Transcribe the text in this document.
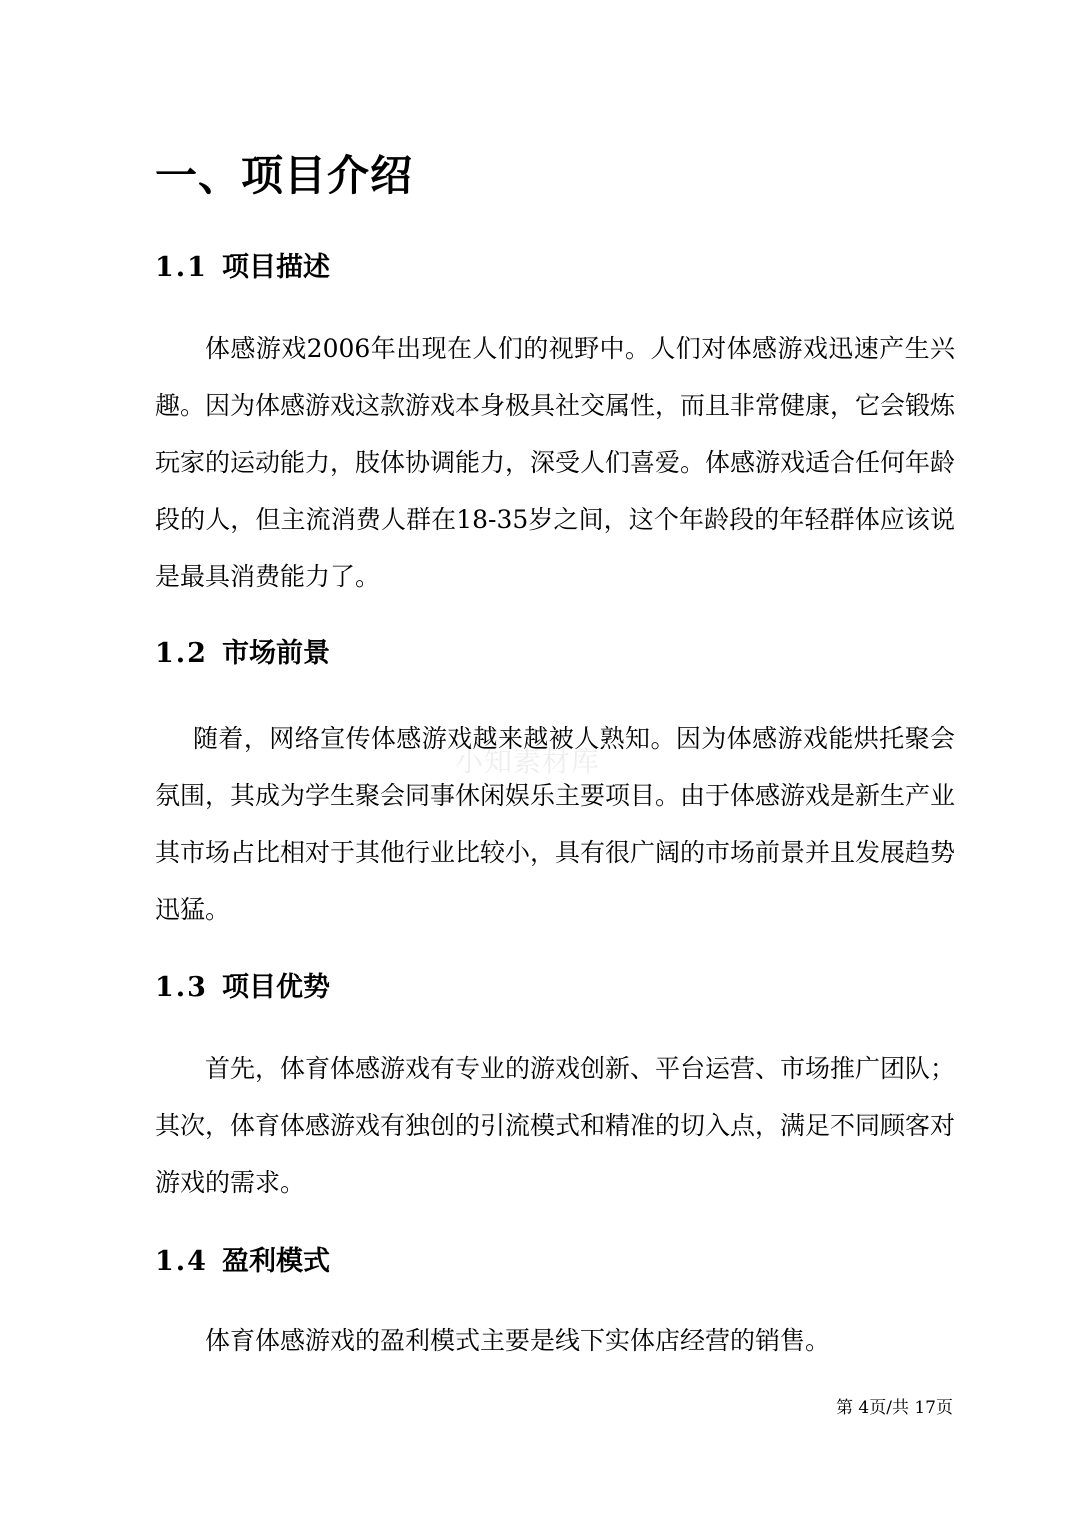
一、项目介绍
1.1 项目描述

体感游戏2006年出现在人们的视野中。人们对体感游戏迅速产生兴趣。因为体感游戏这款游戏本身极具社交属性，而且非常健康，它会锻炼玩家的运动能力，肢体协调能力，深受人们喜爱。体感游戏适合任何年龄段的人，但主流消费人群在18-35岁之间，这个年龄段的年轻群体应该说是最具消费能力了。

1.2 市场前景

随着，网络宣传体感游戏越来越被人熟知。因为体感游戏能烘托聚会氛围，其成为学生聚会同事休闲娱乐主要项目。由于体感游戏是新生产业其市场占比相对于其他行业比较小，具有很广阔的市场前景并且发展趋势迅猛。

1.3 项目优势

首先，体育体感游戏有专业的游戏创新、平台运营、市场推广团队；其次，体育体感游戏有独创的引流模式和精准的切入点，满足不同顾客对游戏的需求。

1.4 盈利模式

体育体感游戏的盈利模式主要是线下实体店经营的销售。

小知素材库
第 4页/共 17页
